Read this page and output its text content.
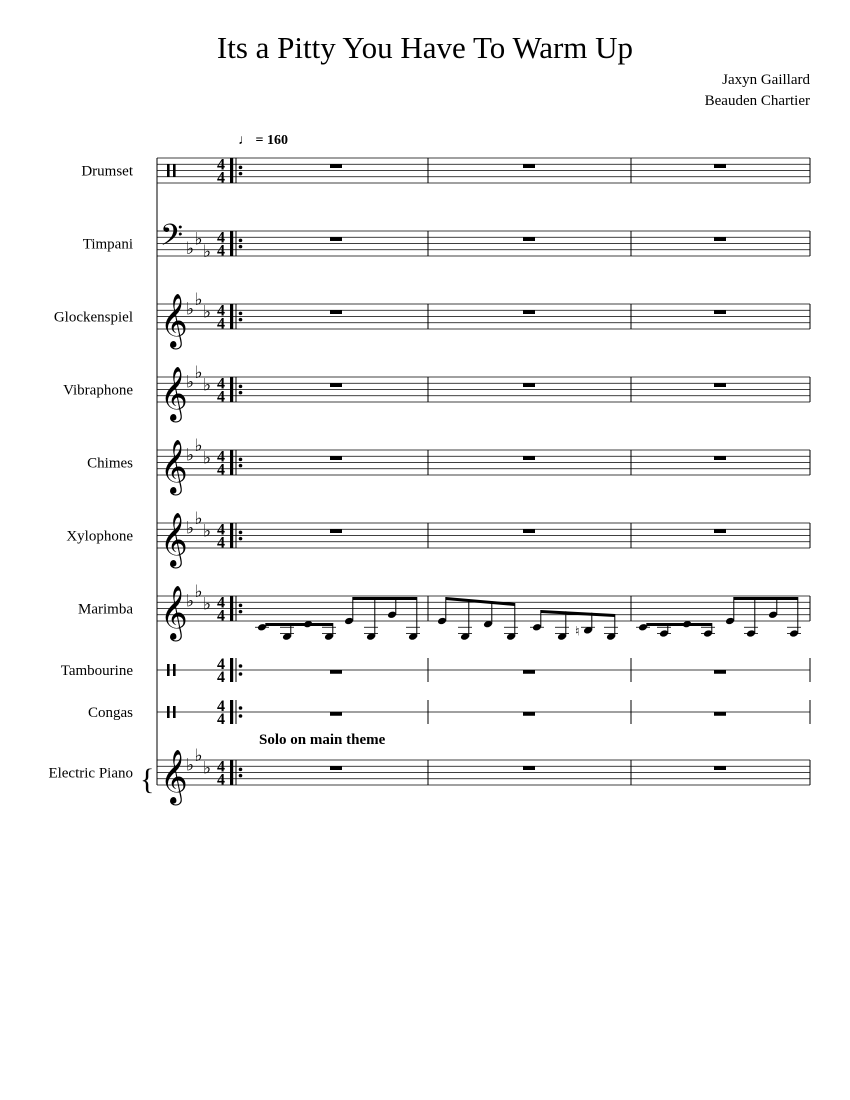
Its a Pitty You Have To Warm Up
Jaxyn Gaillard
Beauden Chartier
♩ = 160
Solo on main theme
Drumset	4
4
Timpani 𝄢 ♭ ♭
♭
4
4
Glockenspiel 𝄞
♭ ♭
♭ 4
4
Vibraphone 𝄞
♭ ♭
♭ 4
4
Chimes 𝄞
♭ ♭
♭ 4
4
Xylophone 𝄞
♭ ♭
♭ 4
4
Marimba 𝄞
♭ ♭
♭ 4
4
Tambourine	4
4
Congas	4
4
Electric Piano 𝄞
♭ ♭
♭ 4
4
{
♮
